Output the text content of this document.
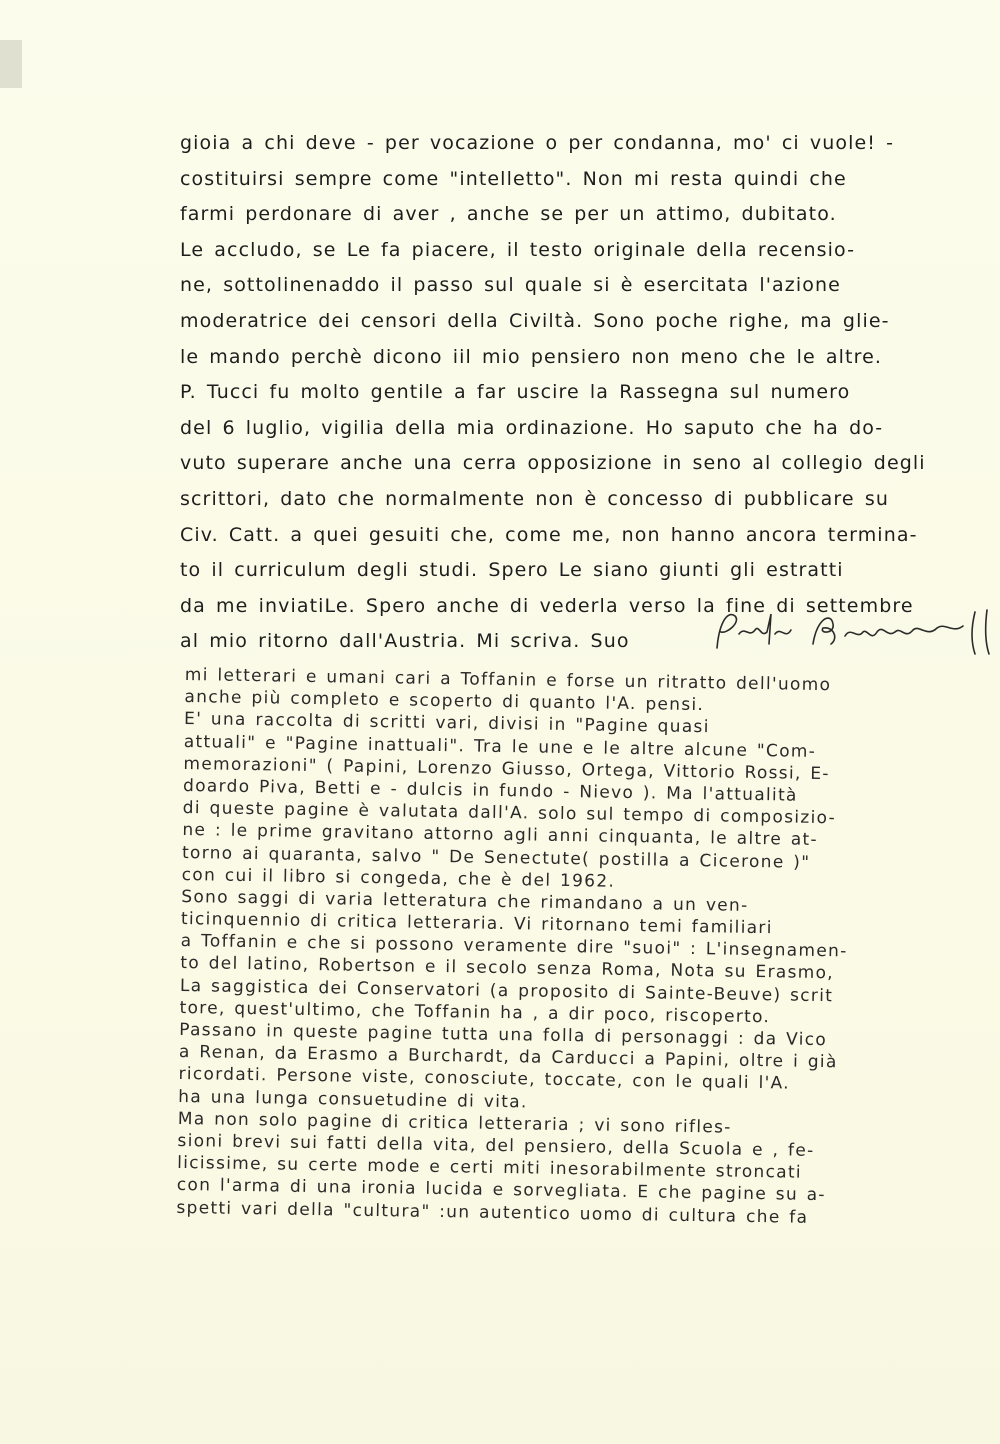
gioia a chi deve - per vocazione o per condanna, mo' ci vuole! -
costituirsi sempre come "intelletto". Non mi resta quindi che
farmi perdonare di aver , anche se per un attimo, dubitato.
Le accludo, se Le fa piacere, il testo originale della recensio-
ne, sottolinenaddo il passo sul quale si è esercitata l'azione
moderatrice dei censori della Civiltà. Sono poche righe, ma glie-
le mando perchè dicono iil mio pensiero non meno che le altre.
P. Tucci fu molto gentile a far uscire la Rassegna sul numero
del 6 luglio, vigilia della mia ordinazione. Ho saputo che ha do-
vuto superare anche una cerra opposizione in seno al collegio degli
scrittori, dato che normalmente non è concesso di pubblicare su
Civ. Catt. a quei gesuiti che, come me, non hanno ancora termina-
to il curriculum degli studi. Spero Le siano giunti gli estratti
da me inviatiLe. Spero anche di vederla verso la fine di settembre
al mio ritorno dall'Austria. Mi scriva. Suo
mi letterari e umani cari a Toffanin e forse un ritratto dell'uomo
anche più completo e scoperto di quanto l'A. pensi.
E' una raccolta di scritti vari, divisi in "Pagine quasi
attuali" e "Pagine inattuali". Tra le une e le altre alcune "Com-
memorazioni" ( Papini, Lorenzo Giusso, Ortega, Vittorio Rossi, E-
doardo Piva, Betti e - dulcis in fundo - Nievo ). Ma l'attualità
di queste pagine è valutata dall'A. solo sul tempo di composizio-
ne : le prime gravitano attorno agli anni cinquanta, le altre at-
torno ai quaranta, salvo " De Senectute( postilla a Cicerone )"
con cui il libro si congeda, che è del 1962.
Sono saggi di varia letteratura che rimandano a un ven-
ticinquennio di critica letteraria. Vi ritornano temi familiari
a Toffanin e che si possono veramente dire "suoi" : L'insegnamen-
to del latino, Robertson e il secolo senza Roma, Nota su Erasmo,
La saggistica dei Conservatori (a proposito di Sainte-Beuve) scrit
tore, quest'ultimo, che Toffanin ha , a dir poco, riscoperto.
Passano in queste pagine tutta una folla di personaggi : da Vico
a Renan, da Erasmo a Burchardt, da Carducci a Papini, oltre i già
ricordati. Persone viste, conosciute, toccate, con le quali l'A.
ha una lunga consuetudine di vita.
Ma non solo pagine di critica letteraria ; vi sono rifles-
sioni brevi sui fatti della vita, del pensiero, della Scuola e , fe-
licissime, su certe mode e certi miti inesorabilmente stroncati
con l'arma di una ironia lucida e sorvegliata. E che pagine su a-
spetti vari della "cultura" :un autentico uomo di cultura che fa
